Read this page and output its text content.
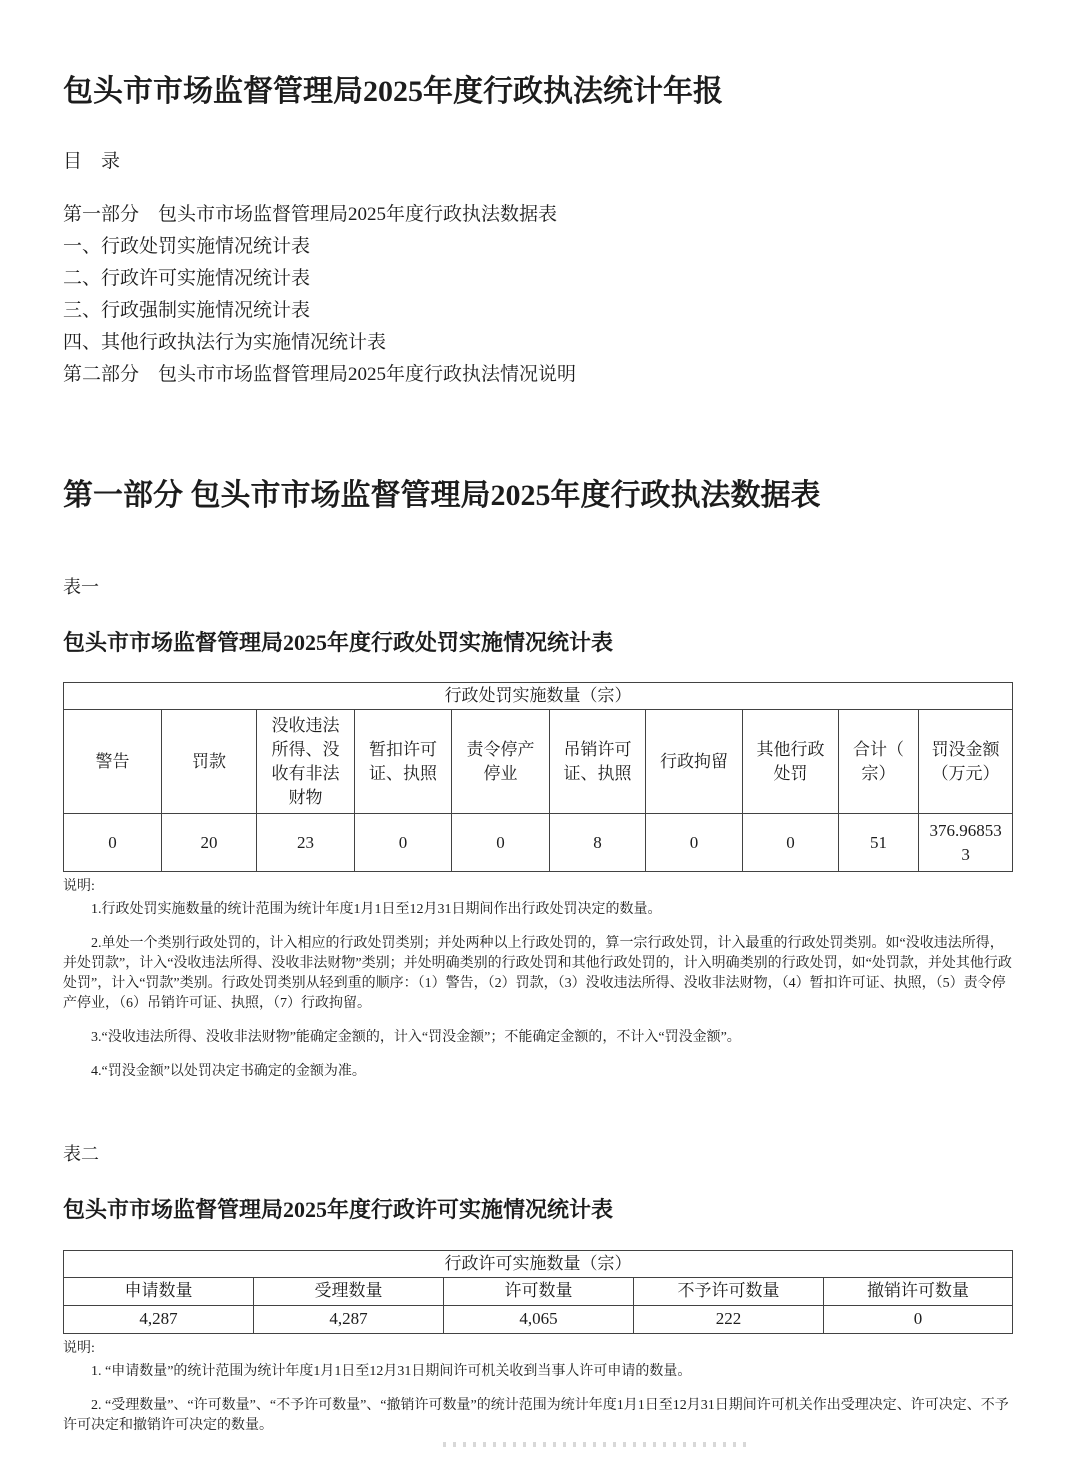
包头市市场监督管理局2025年度行政执法统计年报
目　录
第一部分　包头市市场监督管理局2025年度行政执法数据表
一、行政处罚实施情况统计表
二、行政许可实施情况统计表
三、行政强制实施情况统计表
四、其他行政执法行为实施情况统计表
第二部分　包头市市场监督管理局2025年度行政执法情况说明
第一部分 包头市市场监督管理局2025年度行政执法数据表
表一
包头市市场监督管理局2025年度行政处罚实施情况统计表
行政处罚实施数量（宗）									
警告	罚款	没收违法所得、没收有非法财物	暂扣许可证、执照	责令停产停业	吊销许可证、执照	行政拘留	其他行政处罚	合计（宗）	罚没金额（万元）
0	20	23	0	0	8	0	0	51	376.968533
说明:

1.行政处罚实施数量的统计范围为统计年度1月1日至12月31日期间作出行政处罚决定的数量。

2.单处一个类别行政处罚的，计入相应的行政处罚类别；并处两种以上行政处罚的，算一宗行政处罚，计入最重的行政处罚类别。如“没收违法所得，并处罚款”，计入“没收违法所得、没收非法财物”类别；并处明确类别的行政处罚和其他行政处罚的，计入明确类别的行政处罚，如“处罚款，并处其他行政处罚”，计入“罚款”类别。行政处罚类别从轻到重的顺序：（1）警告，（2）罚款，（3）没收违法所得、没收非法财物，（4）暂扣许可证、执照，（5）责令停产停业，（6）吊销许可证、执照，（7）行政拘留。

3.“没收违法所得、没收非法财物”能确定金额的，计入“罚没金额”；不能确定金额的，不计入“罚没金额”。

4.“罚没金额”以处罚决定书确定的金额为准。

表二
包头市市场监督管理局2025年度行政许可实施情况统计表
行政许可实施数量（宗）				
申请数量	受理数量	许可数量	不予许可数量	撤销许可数量
4,287	4,287	4,065	222	0
说明:

1. “申请数量”的统计范围为统计年度1月1日至12月31日期间许可机关收到当事人许可申请的数量。

2. “受理数量”、“许可数量”、“不予许可数量”、“撤销许可数量”的统计范围为统计年度1月1日至12月31日期间许可机关作出受理决定、许可决定、不予许可决定和撤销许可决定的数量。
